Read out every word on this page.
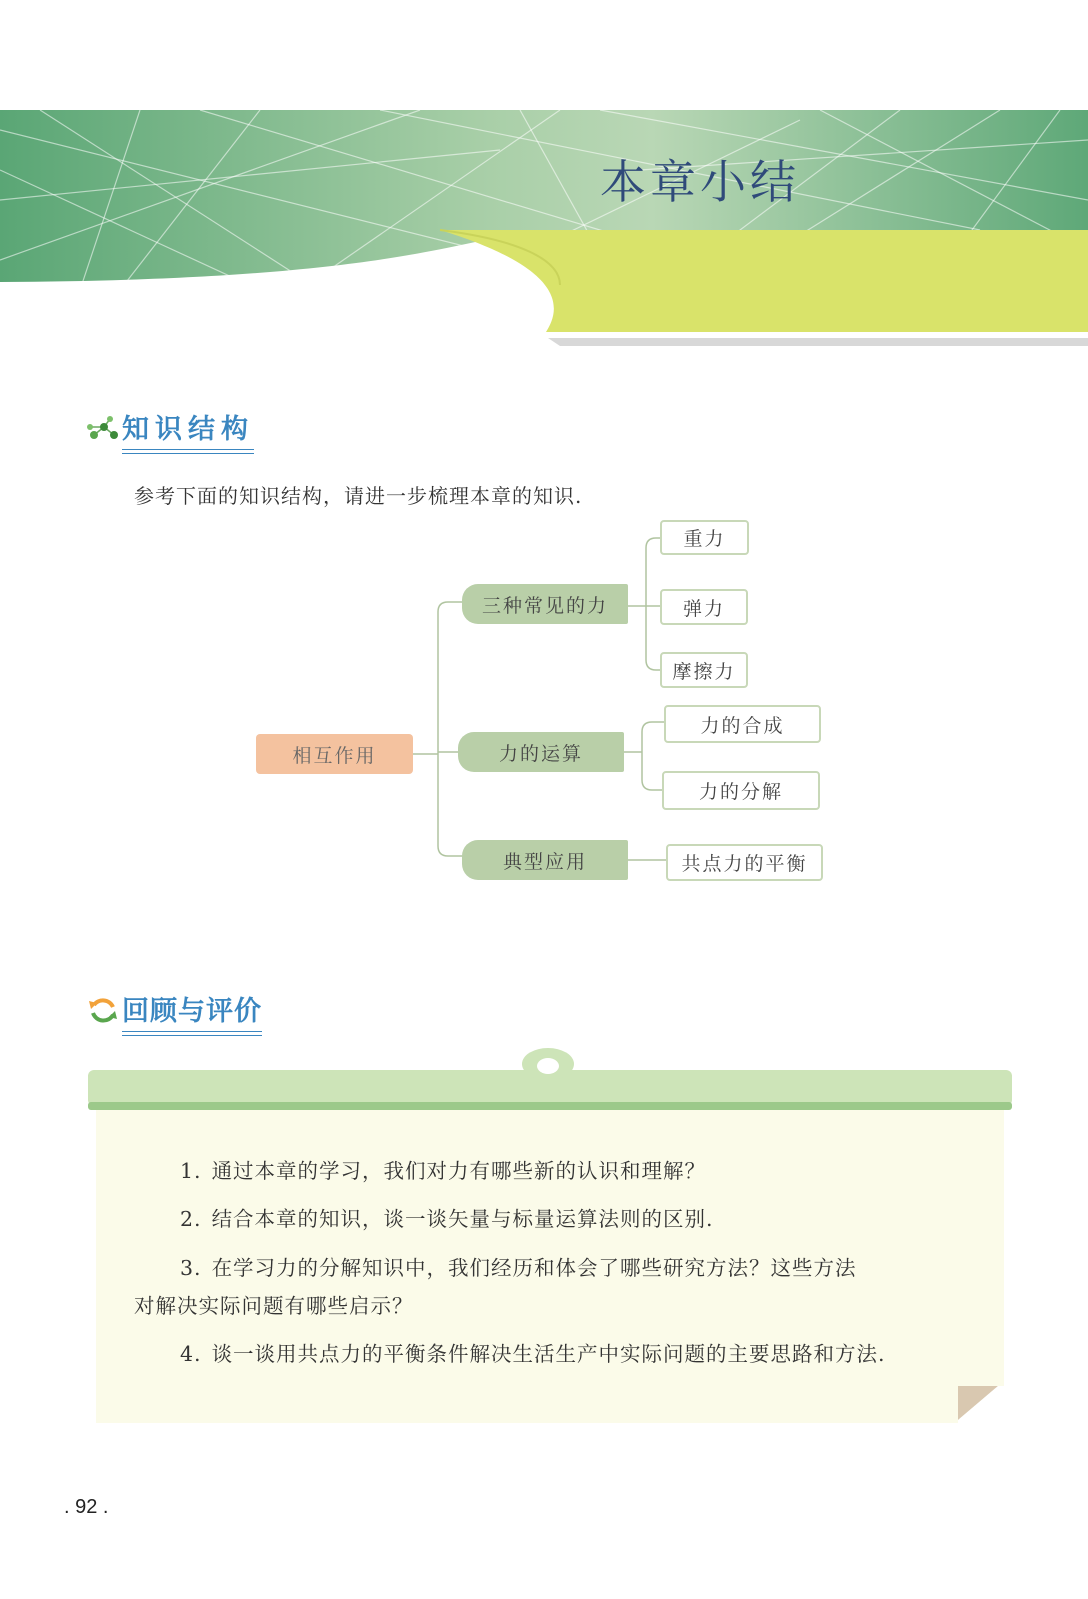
本章小结
知识结构
参考下面的知识结构，请进一步梳理本章的知识.
相互作用
三种常见的力
力的运算
典型应用
重力
弹力
摩擦力
力的合成
力的分解
共点力的平衡
回顾与评价
1. 通过本章的学习，我们对力有哪些新的认识和理解？
2. 结合本章的知识，谈一谈矢量与标量运算法则的区别.
3. 在学习力的分解知识中，我们经历和体会了哪些研究方法？这些方法
对解决实际问题有哪些启示？
4. 谈一谈用共点力的平衡条件解决生活生产中实际问题的主要思路和方法.
. 92 .
